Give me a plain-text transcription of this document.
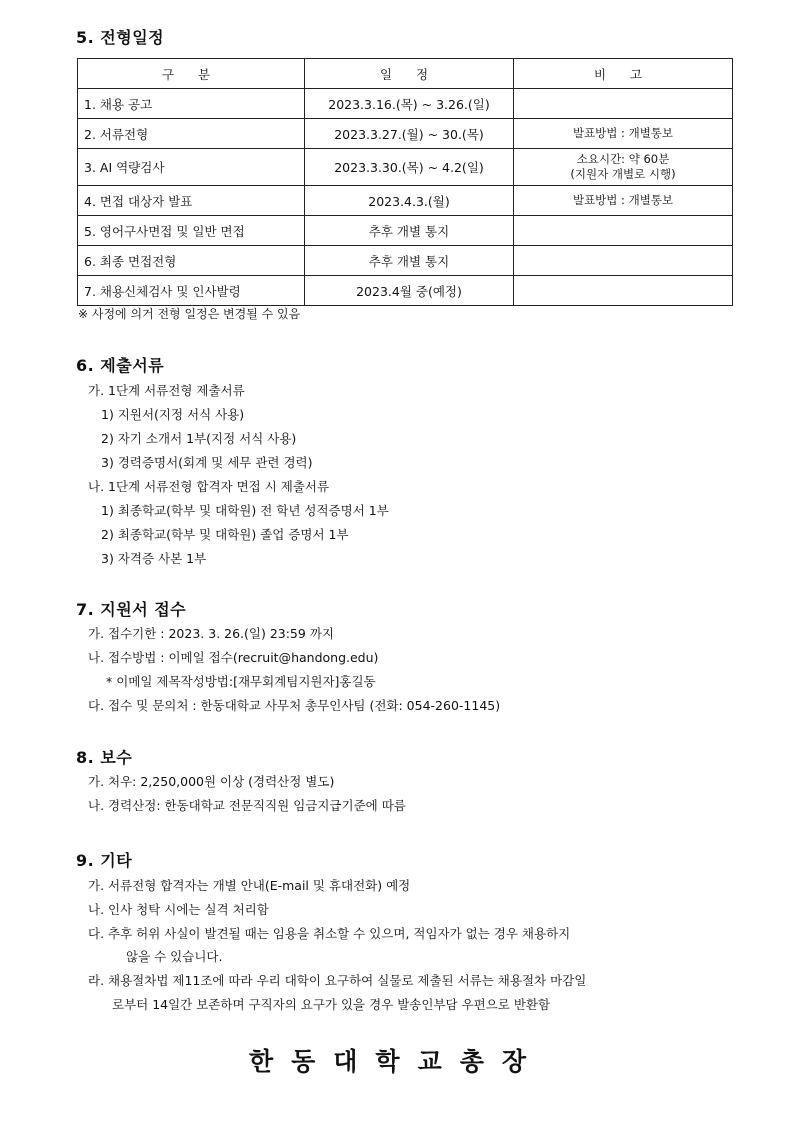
5. 전형일정
구 분	일 정	비 고
1. 채용 공고	2023.3.16.(목) ~ 3.26.(일)	
2. 서류전형	2023.3.27.(월) ~ 30.(목)	발표방법 : 개별통보
3. AI 역량검사	2023.3.30.(목) ~ 4.2(일)	소요시간: 약 60분
(지원자 개별로 시행)
4. 면접 대상자 발표	2023.4.3.(월)	발표방법 : 개별통보
5. 영어구사면접 및 일반 면접	추후 개별 통지	
6. 최종 면접전형	추후 개별 통지	
7. 채용신체검사 및 인사발령	2023.4월 중(예정)	
※ 사정에 의거 전형 일정은 변경될 수 있음
6. 제출서류
가. 1단계 서류전형 제출서류
1) 지원서(지정 서식 사용)
2) 자기 소개서 1부(지정 서식 사용)
3) 경력증명서(회계 및 세무 관련 경력)
나. 1단계 서류전형 합격자 면접 시 제출서류
1) 최종학교(학부 및 대학원) 전 학년 성적증명서 1부
2) 최종학교(학부 및 대학원) 졸업 증명서 1부
3) 자격증 사본 1부
7. 지원서 접수
가. 접수기한 : 2023. 3. 26.(일) 23:59 까지
나. 접수방법 : 이메일 접수(recruit@handong.edu)
* 이메일 제목작성방법:[재무회계팀지원자]홍길동
다. 접수 및 문의처 : 한동대학교 사무처 총무인사팀 (전화: 054-260-1145)
8. 보수
가. 처우: 2,250,000원 이상 (경력산정 별도)
나. 경력산정: 한동대학교 전문직직원 임금지급기준에 따름
9. 기타
가. 서류전형 합격자는 개별 안내(E-mail 및 휴대전화) 예정
나. 인사 청탁 시에는 실격 처리함
다. 추후 허위 사실이 발견될 때는 임용을 취소할 수 있으며, 적임자가 없는 경우 채용하지
않을 수 있습니다.
라. 채용절차법 제11조에 따라 우리 대학이 요구하여 실물로 제출된 서류는 채용절차 마감일
로부터 14일간 보존하며 구직자의 요구가 있을 경우 발송인부담 우편으로 반환함
한동대학교총장
